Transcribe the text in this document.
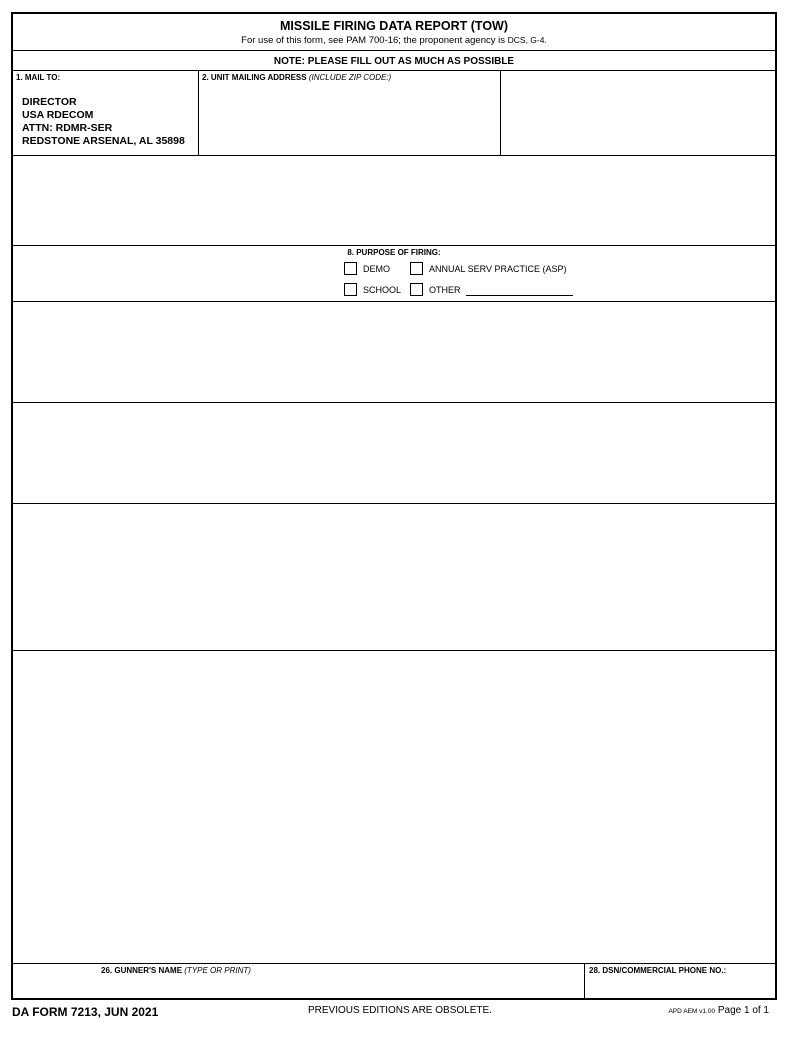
MISSILE FIRING DATA REPORT (TOW)
For use of this form, see PAM 700-16; the proponent agency is DCS, G-4.
NOTE: PLEASE FILL OUT AS MUCH AS POSSIBLE
1. MAIL TO:
DIRECTOR
USA RDECOM
ATTN: RDMR-SER
REDSTONE ARSENAL, AL 35898
2. UNIT MAILING ADDRESS (INCLUDE ZIP CODE:)
8. PURPOSE OF FIRING:
DEMO	ANNUAL SERV PRACTICE (ASP)
SCHOOL	OTHER
26. GUNNER'S NAME (TYPE OR PRINT)	28. DSN/COMMERCIAL PHONE NO.:
DA FORM 7213, JUN 2021	PREVIOUS EDITIONS ARE OBSOLETE.	APD AEM v1.00 Page 1 of 1
